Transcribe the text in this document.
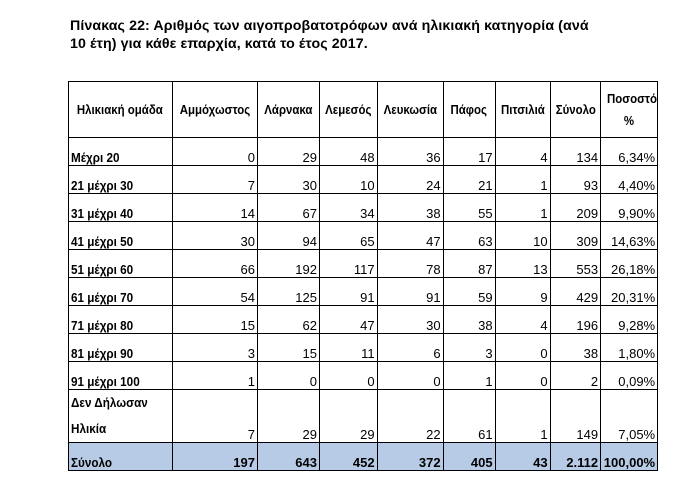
Πίνακας 22: Αριθμός των αιγοπροβατοτρόφων ανά ηλικιακή κατηγορία (ανά
10 έτη) για κάθε επαρχία, κατά το έτος 2017.
Ηλικιακή ομάδα	Αμμόχωστος	Λάρνακα	Λεμεσός	Λευκωσία	Πάφος	Πιτσιλιά	Σύνολο	Ποσοστό %
Μέχρι 20	0	29	48	36	17	4	134	6,34%
21 μέχρι 30	7	30	10	24	21	1	93	4,40%
31 μέχρι 40	14	67	34	38	55	1	209	9,90%
41 μέχρι 50	30	94	65	47	63	10	309	14,63%
51 μέχρι 60	66	192	117	78	87	13	553	26,18%
61 μέχρι 70	54	125	91	91	59	9	429	20,31%
71 μέχρι 80	15	62	47	30	38	4	196	9,28%
81 μέχρι 90	3	15	11	6	3	0	38	1,80%
91 μέχρι 100	1	0	0	0	1	0	2	0,09%
Δεν Δήλωσαν Ηλικία	7	29	29	22	61	1	149	7,05%
Σύνολο	197	643	452	372	405	43	2.112	100,00%
